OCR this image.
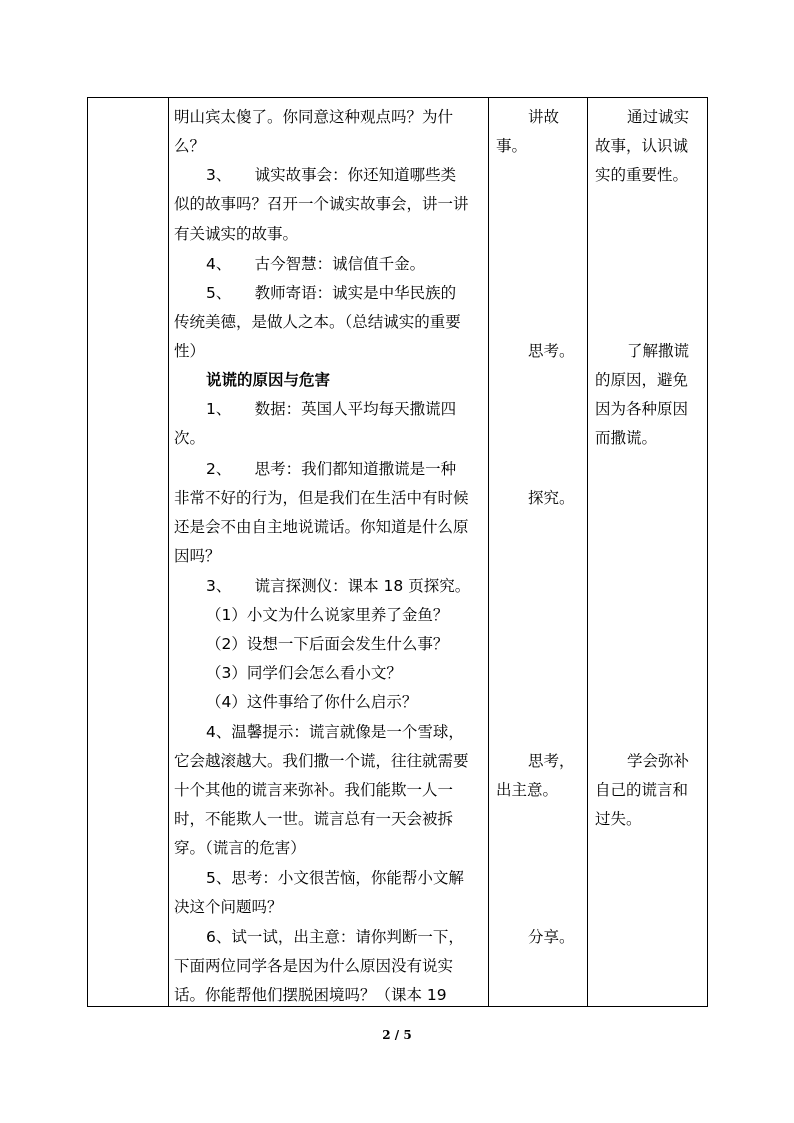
明山宾太傻了。你同意这种观点吗？为什
么？
3、　　诚实故事会：你还知道哪些类
似的故事吗？召开一个诚实故事会，讲一讲
有关诚实的故事。
4、　　古今智慧：诚信值千金。
5、　　教师寄语：诚实是中华民族的
传统美德，是做人之本。（总结诚实的重要
性）
说谎的原因与危害
1、　　数据：英国人平均每天撒谎四
次。
2、　　思考：我们都知道撒谎是一种
非常不好的行为，但是我们在生活中有时候
还是会不由自主地说谎话。你知道是什么原
因吗？
3、　　谎言探测仪：课本 18 页探究。
（1）小文为什么说家里养了金鱼？
（2）设想一下后面会发生什么事？
（3）同学们会怎么看小文？
（4）这件事给了你什么启示？
4、温馨提示：谎言就像是一个雪球，
它会越滚越大。我们撒一个谎，往往就需要
十个其他的谎言来弥补。我们能欺一人一
时，不能欺人一世。谎言总有一天会被拆
穿。（谎言的危害）
5、思考：小文很苦恼，你能帮小文解
决这个问题吗？
6、试一试，出主意：请你判断一下，
下面两位同学各是因为什么原因没有说实
话。你能帮他们摆脱困境吗？（课本 19
讲故
事。
思考。
探究。
思考，
出主意。
分享。
通过诚实
故事，认识诚
实的重要性。
了解撒谎
的原因，避免
因为各种原因
而撒谎。
学会弥补
自己的谎言和
过失。
2 / 5
